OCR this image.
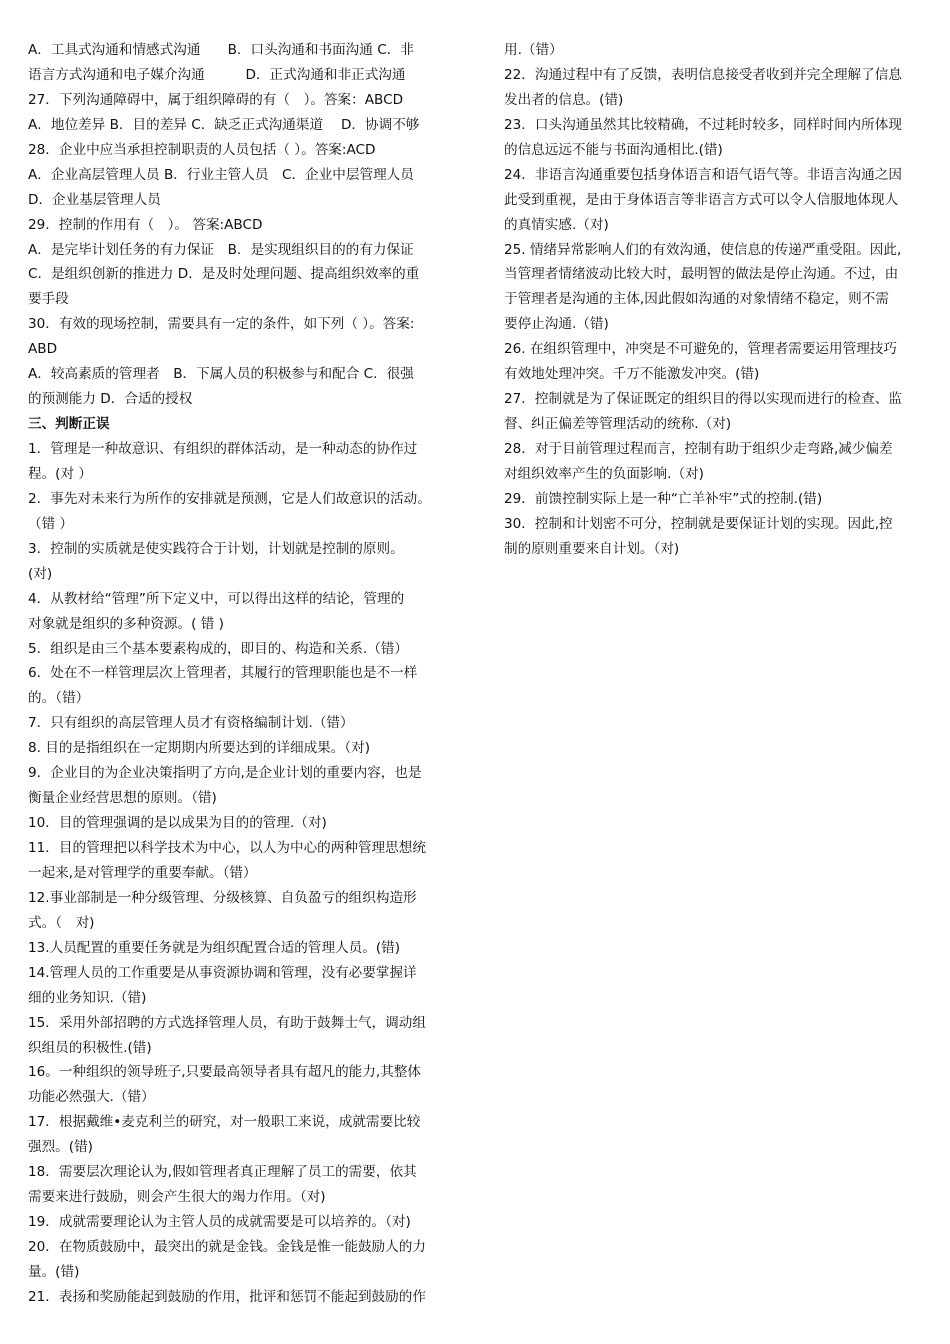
A．工具式沟通和情感式沟通　　B．口头沟通和书面沟通 C．非
语言方式沟通和电子媒介沟通　　　D．正式沟通和非正式沟通
27．下列沟通障碍中，属于组织障碍的有（　）。答案：ABCD
A．地位差异 B．目的差异 C．缺乏正式沟通渠道　 D．协调不够
28．企业中应当承担控制职责的人员包括（ ）。答案:ACD
A．企业高层管理人员 B．行业主管人员　C．企业中层管理人员
D．企业基层管理人员
29．控制的作用有（　）。 答案:ABCD
A．是完毕计划任务的有力保证　B．是实现组织目的的有力保证
C．是组织创新的推进力 D．是及时处理问题、提高组织效率的重
要手段
30．有效的现场控制，需要具有一定的条件，如下列（ ）。答案:
ABD
A．较高素质的管理者　B．下属人员的积极参与和配合 C．很强
的预测能力 D．合适的授权
三、判断正误
1．管理是一种故意识、有组织的群体活动，是一种动态的协作过
程。(对 ）
2．事先对未来行为所作的安排就是预测，它是人们故意识的活动。
（错 ）
3．控制的实质就是使实践符合于计划，计划就是控制的原则。
(对)
4．从教材给“管理”所下定义中，可以得出这样的结论，管理的
对象就是组织的多种资源。( 错 )
5．组织是由三个基本要素构成的，即目的、构造和关系.（错）
6．处在不一样管理层次上管理者，其履行的管理职能也是不一样
的。（错）
7．只有组织的高层管理人员才有资格编制计划.（错）
8. 目的是指组织在一定期期内所要达到的详细成果。（对)
9．企业目的为企业决策指明了方向,是企业计划的重要内容，也是
衡量企业经营思想的原则。（错)
10．目的管理强调的是以成果为目的的管理.（对)
11．目的管理把以科学技术为中心，以人为中心的两种管理思想统
一起来,是对管理学的重要奉献。（错）
12.事业部制是一种分级管理、分级核算、自负盈亏的组织构造形
式。（　对)
13.人员配置的重要任务就是为组织配置合适的管理人员。(错)
14.管理人员的工作重要是从事资源协调和管理，没有必要掌握详
细的业务知识.（错)
15．采用外部招聘的方式选择管理人员，有助于鼓舞士气，调动组
织组员的积极性.(错)
16。一种组织的领导班子,只要最高领导者具有超凡的能力,其整体
功能必然强大.（错）
17．根据戴维•麦克利兰的研究，对一般职工来说，成就需要比较
强烈。(错)
18．需要层次理论认为,假如管理者真正理解了员工的需要，依其
需要来进行鼓励，则会产生很大的竭力作用。（对)
19．成就需要理论认为主管人员的成就需要是可以培养的。（对)
20．在物质鼓励中，最突出的就是金钱。金钱是惟一能鼓励人的力
量。(错)
21．表扬和奖励能起到鼓励的作用，批评和惩罚不能起到鼓励的作
用.（错）
22．沟通过程中有了反馈，表明信息接受者收到并完全理解了信息
发出者的信息。(错)
23．口头沟通虽然其比较精确，不过耗时较多，同样时间内所体现
的信息远远不能与书面沟通相比.(错)
24．非语言沟通重要包括身体语言和语气语气等。非语言沟通之因
此受到重视，是由于身体语言等非语言方式可以令人信服地体现人
的真情实感.（对)
25. 情绪异常影响人们的有效沟通，使信息的传递严重受阻。因此,
当管理者情绪波动比较大时，最明智的做法是停止沟通。不过，由
于管理者是沟通的主体,因此假如沟通的对象情绪不稳定，则不需
要停止沟通.（错)
26. 在组织管理中，冲突是不可避免的，管理者需要运用管理技巧
有效地处理冲突。千万不能激发冲突。(错)
27．控制就是为了保证既定的组织目的得以实现而进行的检查、监
督、纠正偏差等管理活动的统称.（对)
28．对于目前管理过程而言，控制有助于组织少走弯路,减少偏差
对组织效率产生的负面影响.（对)
29．前馈控制实际上是一种“亡羊补牢”式的控制.(错)
30．控制和计划密不可分，控制就是要保证计划的实现。因此,控
制的原则重要来自计划。（对)
